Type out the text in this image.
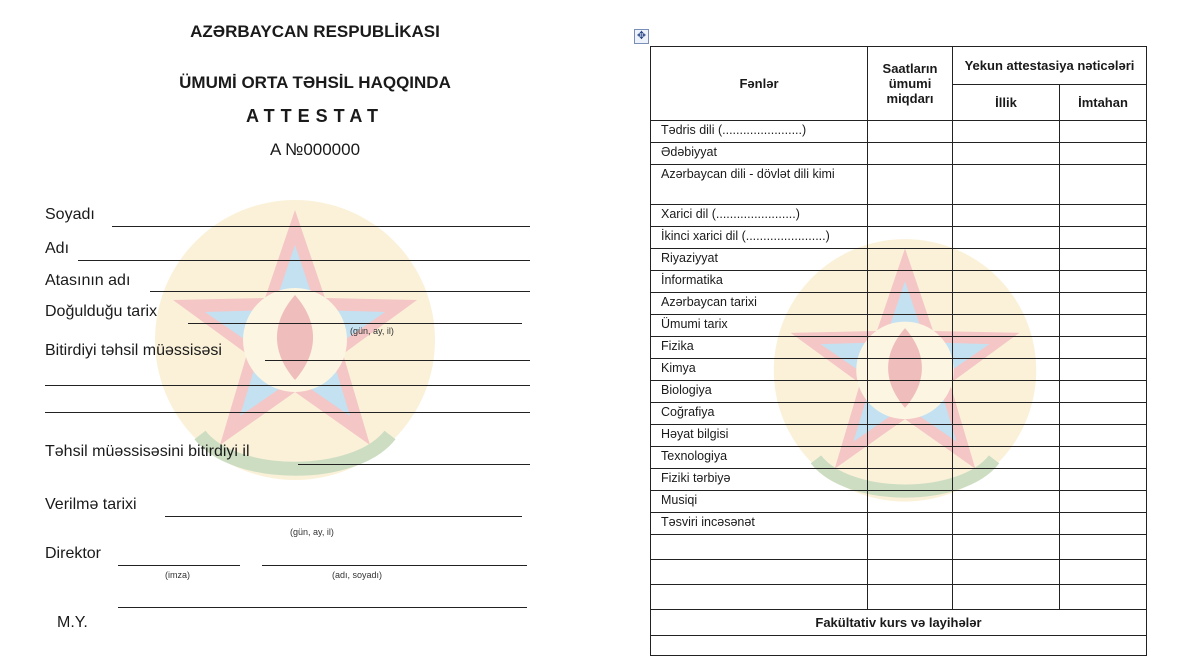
AZƏRBAYCAN RESPUBLİKASI
ÜMUMİ ORTA TƏHSİL HAQQINDA
ATTESTAT
A №000000
Soyadı
Adı
Atasının adı
Doğulduğu tarix
(gün, ay, il)
Bitirdiyi təhsil müəssisəsi
Təhsil müəssisəsini bitirdiyi il
Verilmə tarixi
(gün, ay, il)
Direktor
(imza)	(adı, soyadı)
M.Y.
✥
Fənlər	Saatların ümumi miqdarı	Yekun attestasiya nəticələri	
		İllik	İmtahan
Tədris dili (.......................)			
Ədəbiyyat			
Azərbaycan dili - dövlət dili kimi			
Xarici dil (.......................)			
İkinci xarici dil (.......................)			
Riyaziyyat			
İnformatika			
Azərbaycan tarixi			
Ümumi tarix			
Fizika			
Kimya			
Biologiya			
Coğrafiya			
Həyat bilgisi			
Texnologiya			
Fiziki tərbiyə			
Musiqi			
Təsviri incəsənət			

Fakültativ kurs və layihələr			
